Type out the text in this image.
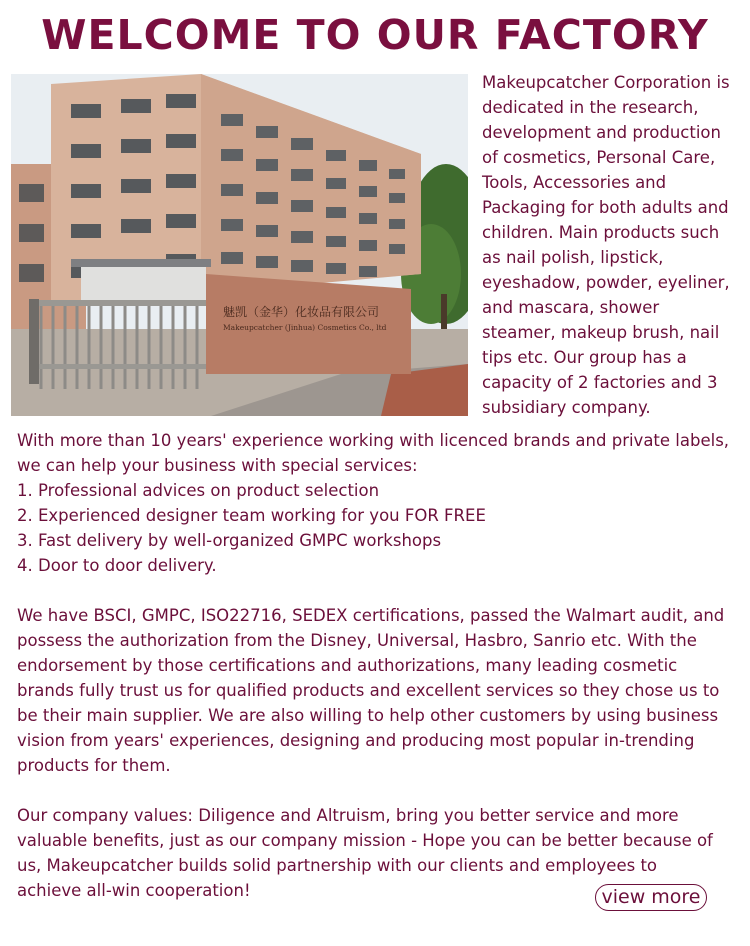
WELCOME TO OUR FACTORY
魅凯（金华）化妆品有限公司
Makeupcatcher (Jinhua) Cosmetics Co., ltd

Makeupcatcher Corporation is dedicated in the research, development and production of cosmetics, Personal Care, Tools, Accessories and Packaging for both adults and children. Main products such as nail polish, lipstick, eyeshadow, powder, eyeliner, and mascara, shower steamer, makeup brush, nail tips etc. Our group has a capacity of 2 factories and 3 subsidiary company.

With more than 10 years' experience working with licenced brands and private labels, we can help your business with special services:

1. Professional advices on product selection
2. Experienced designer team working for you FOR FREE
3. Fast delivery by well-organized GMPC workshops
4. Door to door delivery.

We have BSCI, GMPC, ISO22716, SEDEX certifications, passed the Walmart audit, and possess the authorization from the Disney, Universal, Hasbro, Sanrio etc. With the endorsement by those certifications and authorizations, many leading cosmetic brands fully trust us for qualified products and excellent services so they chose us to be their main supplier. We are also willing to help other customers by using business vision from years' experiences, designing and producing most popular in-trending products for them.

Our company values: Diligence and Altruism, bring you better service and more valuable benefits, just as our company mission - Hope you can be better because of us, Makeupcatcher builds solid partnership with our clients and employees to achieve all-win cooperation!	view more
